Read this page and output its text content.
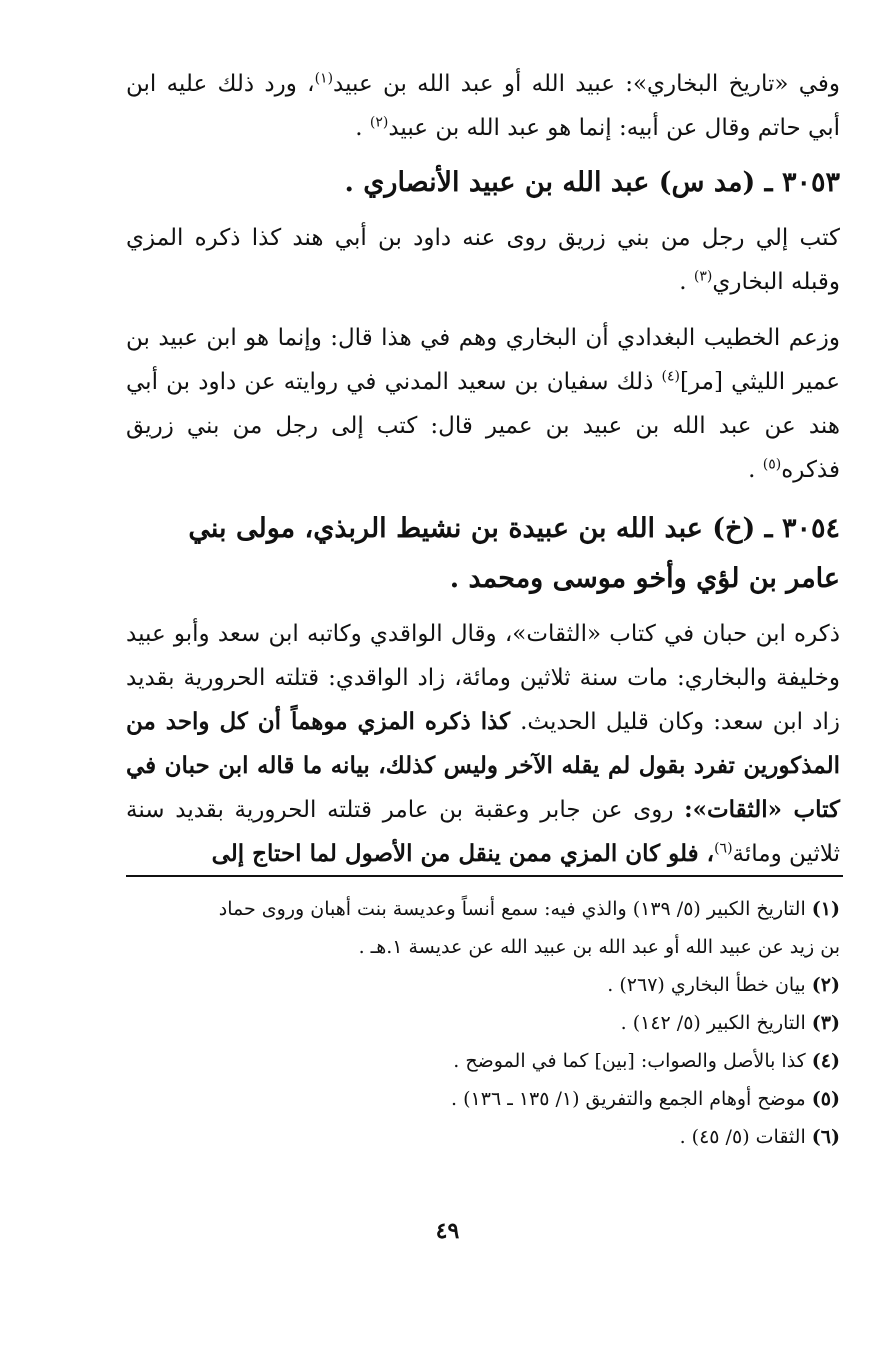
وفي «تاريخ البخاري»: عبيد الله أو عبد الله بن عبيد$^{(١)}$، ورد ذلك عليه ابن أبي حاتم وقال عن أبيه: إنما هو عبد الله بن عبيد$^{(٢)}$ .

٣٠٥٣ ـ (مد س) عبد الله بن عبيد الأنصاري .

كتب إلي رجل من بني زريق روى عنه داود بن أبي هند كذا ذكره المزي وقبله البخاري$^{(٣)}$ .

وزعم الخطيب البغدادي أن البخاري وهم في هذا قال: وإنما هو ابن عبيد بن عمير الليثي [مر]$^{(٤)}$ ذلك سفيان بن سعيد المدني في روايته عن داود بن أبي هند عن عبد الله بن عبيد بن عمير قال: كتب إلى رجل من بني زريق فذكره$^{(٥)}$ .

٣٠٥٤ ـ (خ) عبد الله بن عبيدة بن نشيط الربذي، مولى بني عامر بن لؤي وأخو موسى ومحمد .

ذكره ابن حبان في كتاب «الثقات»، وقال الواقدي وكاتبه ابن سعد وأبو عبيد وخليفة والبخاري: مات سنة ثلاثين ومائة، زاد الواقدي: قتلته الحرورية بقديد زاد ابن سعد: وكان قليل الحديث. كذا ذكره المزي موهماً أن كل واحد من المذكورين تفرد بقول لم يقله الآخر وليس كذلك، بيانه ما قاله ابن حبان في كتاب «الثقات»: روى عن جابر وعقبة بن عامر قتلته الحرورية بقديد سنة ثلاثين ومائة$^{(٦)}$، فلو كان المزي ممن ينقل من الأصول لما احتاج إلى

(١) التاريخ الكبير (٥/ ١٣٩) والذي فيه: سمع أنساً وعديسة بنت أهبان وروى حماد

بن زيد عن عبيد الله أو عبد الله بن عبيد الله عن عديسة ١.هـ .

(٢) بيان خطأ البخاري (٢٦٧) .

(٣) التاريخ الكبير (٥/ ١٤٢) .

(٤) كذا بالأصل والصواب: [بين] كما في الموضح .

(٥) موضح أوهام الجمع والتفريق (١/ ١٣٥ ـ ١٣٦) .

(٦) الثقات (٥/ ٤٥) .

٤٩
